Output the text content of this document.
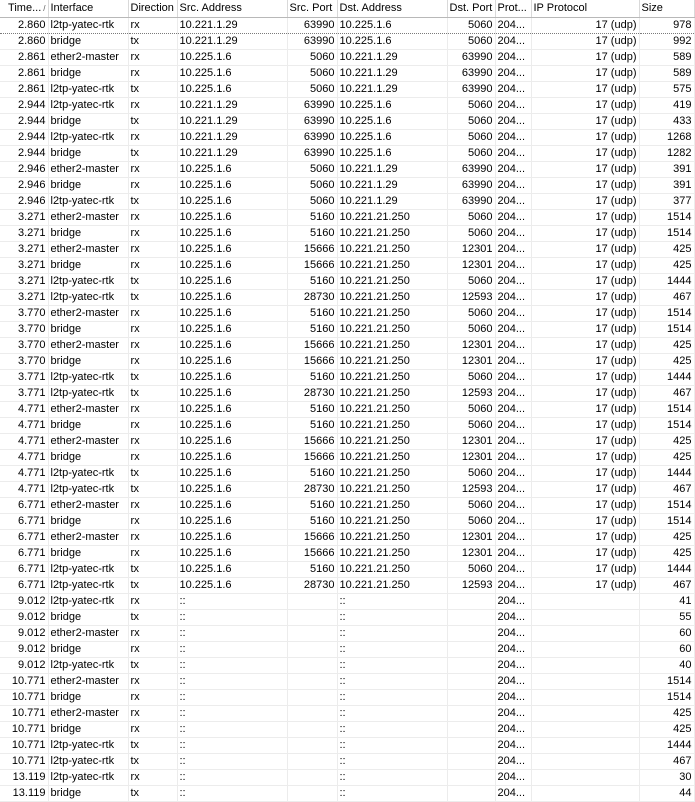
Time... /	Interface	Direction	Src. Address	Src. Port	Dst. Address	Dst. Port	Prot...	IP Protocol	Size
2.860	l2tp-yatec-rtk	rx	10.221.1.29	63990	10.225.1.6	5060	204...	17 (udp)	978
2.860	bridge	tx	10.221.1.29	63990	10.225.1.6	5060	204...	17 (udp)	992
2.861	ether2-master	rx	10.225.1.6	5060	10.221.1.29	63990	204...	17 (udp)	589
2.861	bridge	rx	10.225.1.6	5060	10.221.1.29	63990	204...	17 (udp)	589
2.861	l2tp-yatec-rtk	tx	10.225.1.6	5060	10.221.1.29	63990	204...	17 (udp)	575
2.944	l2tp-yatec-rtk	rx	10.221.1.29	63990	10.225.1.6	5060	204...	17 (udp)	419
2.944	bridge	tx	10.221.1.29	63990	10.225.1.6	5060	204...	17 (udp)	433
2.944	l2tp-yatec-rtk	rx	10.221.1.29	63990	10.225.1.6	5060	204...	17 (udp)	1268
2.944	bridge	tx	10.221.1.29	63990	10.225.1.6	5060	204...	17 (udp)	1282
2.946	ether2-master	rx	10.225.1.6	5060	10.221.1.29	63990	204...	17 (udp)	391
2.946	bridge	rx	10.225.1.6	5060	10.221.1.29	63990	204...	17 (udp)	391
2.946	l2tp-yatec-rtk	tx	10.225.1.6	5060	10.221.1.29	63990	204...	17 (udp)	377
3.271	ether2-master	rx	10.225.1.6	5160	10.221.21.250	5060	204...	17 (udp)	1514
3.271	bridge	rx	10.225.1.6	5160	10.221.21.250	5060	204...	17 (udp)	1514
3.271	ether2-master	rx	10.225.1.6	15666	10.221.21.250	12301	204...	17 (udp)	425
3.271	bridge	rx	10.225.1.6	15666	10.221.21.250	12301	204...	17 (udp)	425
3.271	l2tp-yatec-rtk	tx	10.225.1.6	5160	10.221.21.250	5060	204...	17 (udp)	1444
3.271	l2tp-yatec-rtk	tx	10.225.1.6	28730	10.221.21.250	12593	204...	17 (udp)	467
3.770	ether2-master	rx	10.225.1.6	5160	10.221.21.250	5060	204...	17 (udp)	1514
3.770	bridge	rx	10.225.1.6	5160	10.221.21.250	5060	204...	17 (udp)	1514
3.770	ether2-master	rx	10.225.1.6	15666	10.221.21.250	12301	204...	17 (udp)	425
3.770	bridge	rx	10.225.1.6	15666	10.221.21.250	12301	204...	17 (udp)	425
3.771	l2tp-yatec-rtk	tx	10.225.1.6	5160	10.221.21.250	5060	204...	17 (udp)	1444
3.771	l2tp-yatec-rtk	tx	10.225.1.6	28730	10.221.21.250	12593	204...	17 (udp)	467
4.771	ether2-master	rx	10.225.1.6	5160	10.221.21.250	5060	204...	17 (udp)	1514
4.771	bridge	rx	10.225.1.6	5160	10.221.21.250	5060	204...	17 (udp)	1514
4.771	ether2-master	rx	10.225.1.6	15666	10.221.21.250	12301	204...	17 (udp)	425
4.771	bridge	rx	10.225.1.6	15666	10.221.21.250	12301	204...	17 (udp)	425
4.771	l2tp-yatec-rtk	tx	10.225.1.6	5160	10.221.21.250	5060	204...	17 (udp)	1444
4.771	l2tp-yatec-rtk	tx	10.225.1.6	28730	10.221.21.250	12593	204...	17 (udp)	467
6.771	ether2-master	rx	10.225.1.6	5160	10.221.21.250	5060	204...	17 (udp)	1514
6.771	bridge	rx	10.225.1.6	5160	10.221.21.250	5060	204...	17 (udp)	1514
6.771	ether2-master	rx	10.225.1.6	15666	10.221.21.250	12301	204...	17 (udp)	425
6.771	bridge	rx	10.225.1.6	15666	10.221.21.250	12301	204...	17 (udp)	425
6.771	l2tp-yatec-rtk	tx	10.225.1.6	5160	10.221.21.250	5060	204...	17 (udp)	1444
6.771	l2tp-yatec-rtk	tx	10.225.1.6	28730	10.221.21.250	12593	204...	17 (udp)	467
9.012	l2tp-yatec-rtk	rx	::		::		204...		41
9.012	bridge	tx	::		::		204...		55
9.012	ether2-master	rx	::		::		204...		60
9.012	bridge	rx	::		::		204...		60
9.012	l2tp-yatec-rtk	tx	::		::		204...		40
10.771	ether2-master	rx	::		::		204...		1514
10.771	bridge	rx	::		::		204...		1514
10.771	ether2-master	rx	::		::		204...		425
10.771	bridge	rx	::		::		204...		425
10.771	l2tp-yatec-rtk	tx	::		::		204...		1444
10.771	l2tp-yatec-rtk	tx	::		::		204...		467
13.119	l2tp-yatec-rtk	rx	::		::		204...		30
13.119	bridge	tx	::		::		204...		44
